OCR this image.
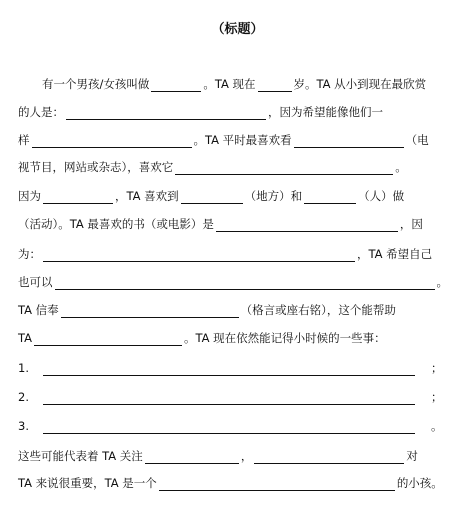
（标题）
有一个男孩/女孩叫做	。TA 现在	岁。TA 从小到现在最欣赏
的人是：	，因为希望能像他们一
样	。TA 平时最喜欢看	（电
视节目，网站或杂志），喜欢它	。
因为	，TA 喜欢到	（地方）和	（人）做
（活动）。TA 最喜欢的书（或电影）是	，因
为：	，TA 希望自己
也可以	。
TA 信奉	（格言或座右铭），这个能帮助
TA	。TA 现在依然能记得小时候的一些事：
1.	；
2.	；
3.	。
这些可能代表着 TA 关注	，	对
TA 来说很重要，TA 是一个	的小孩。
